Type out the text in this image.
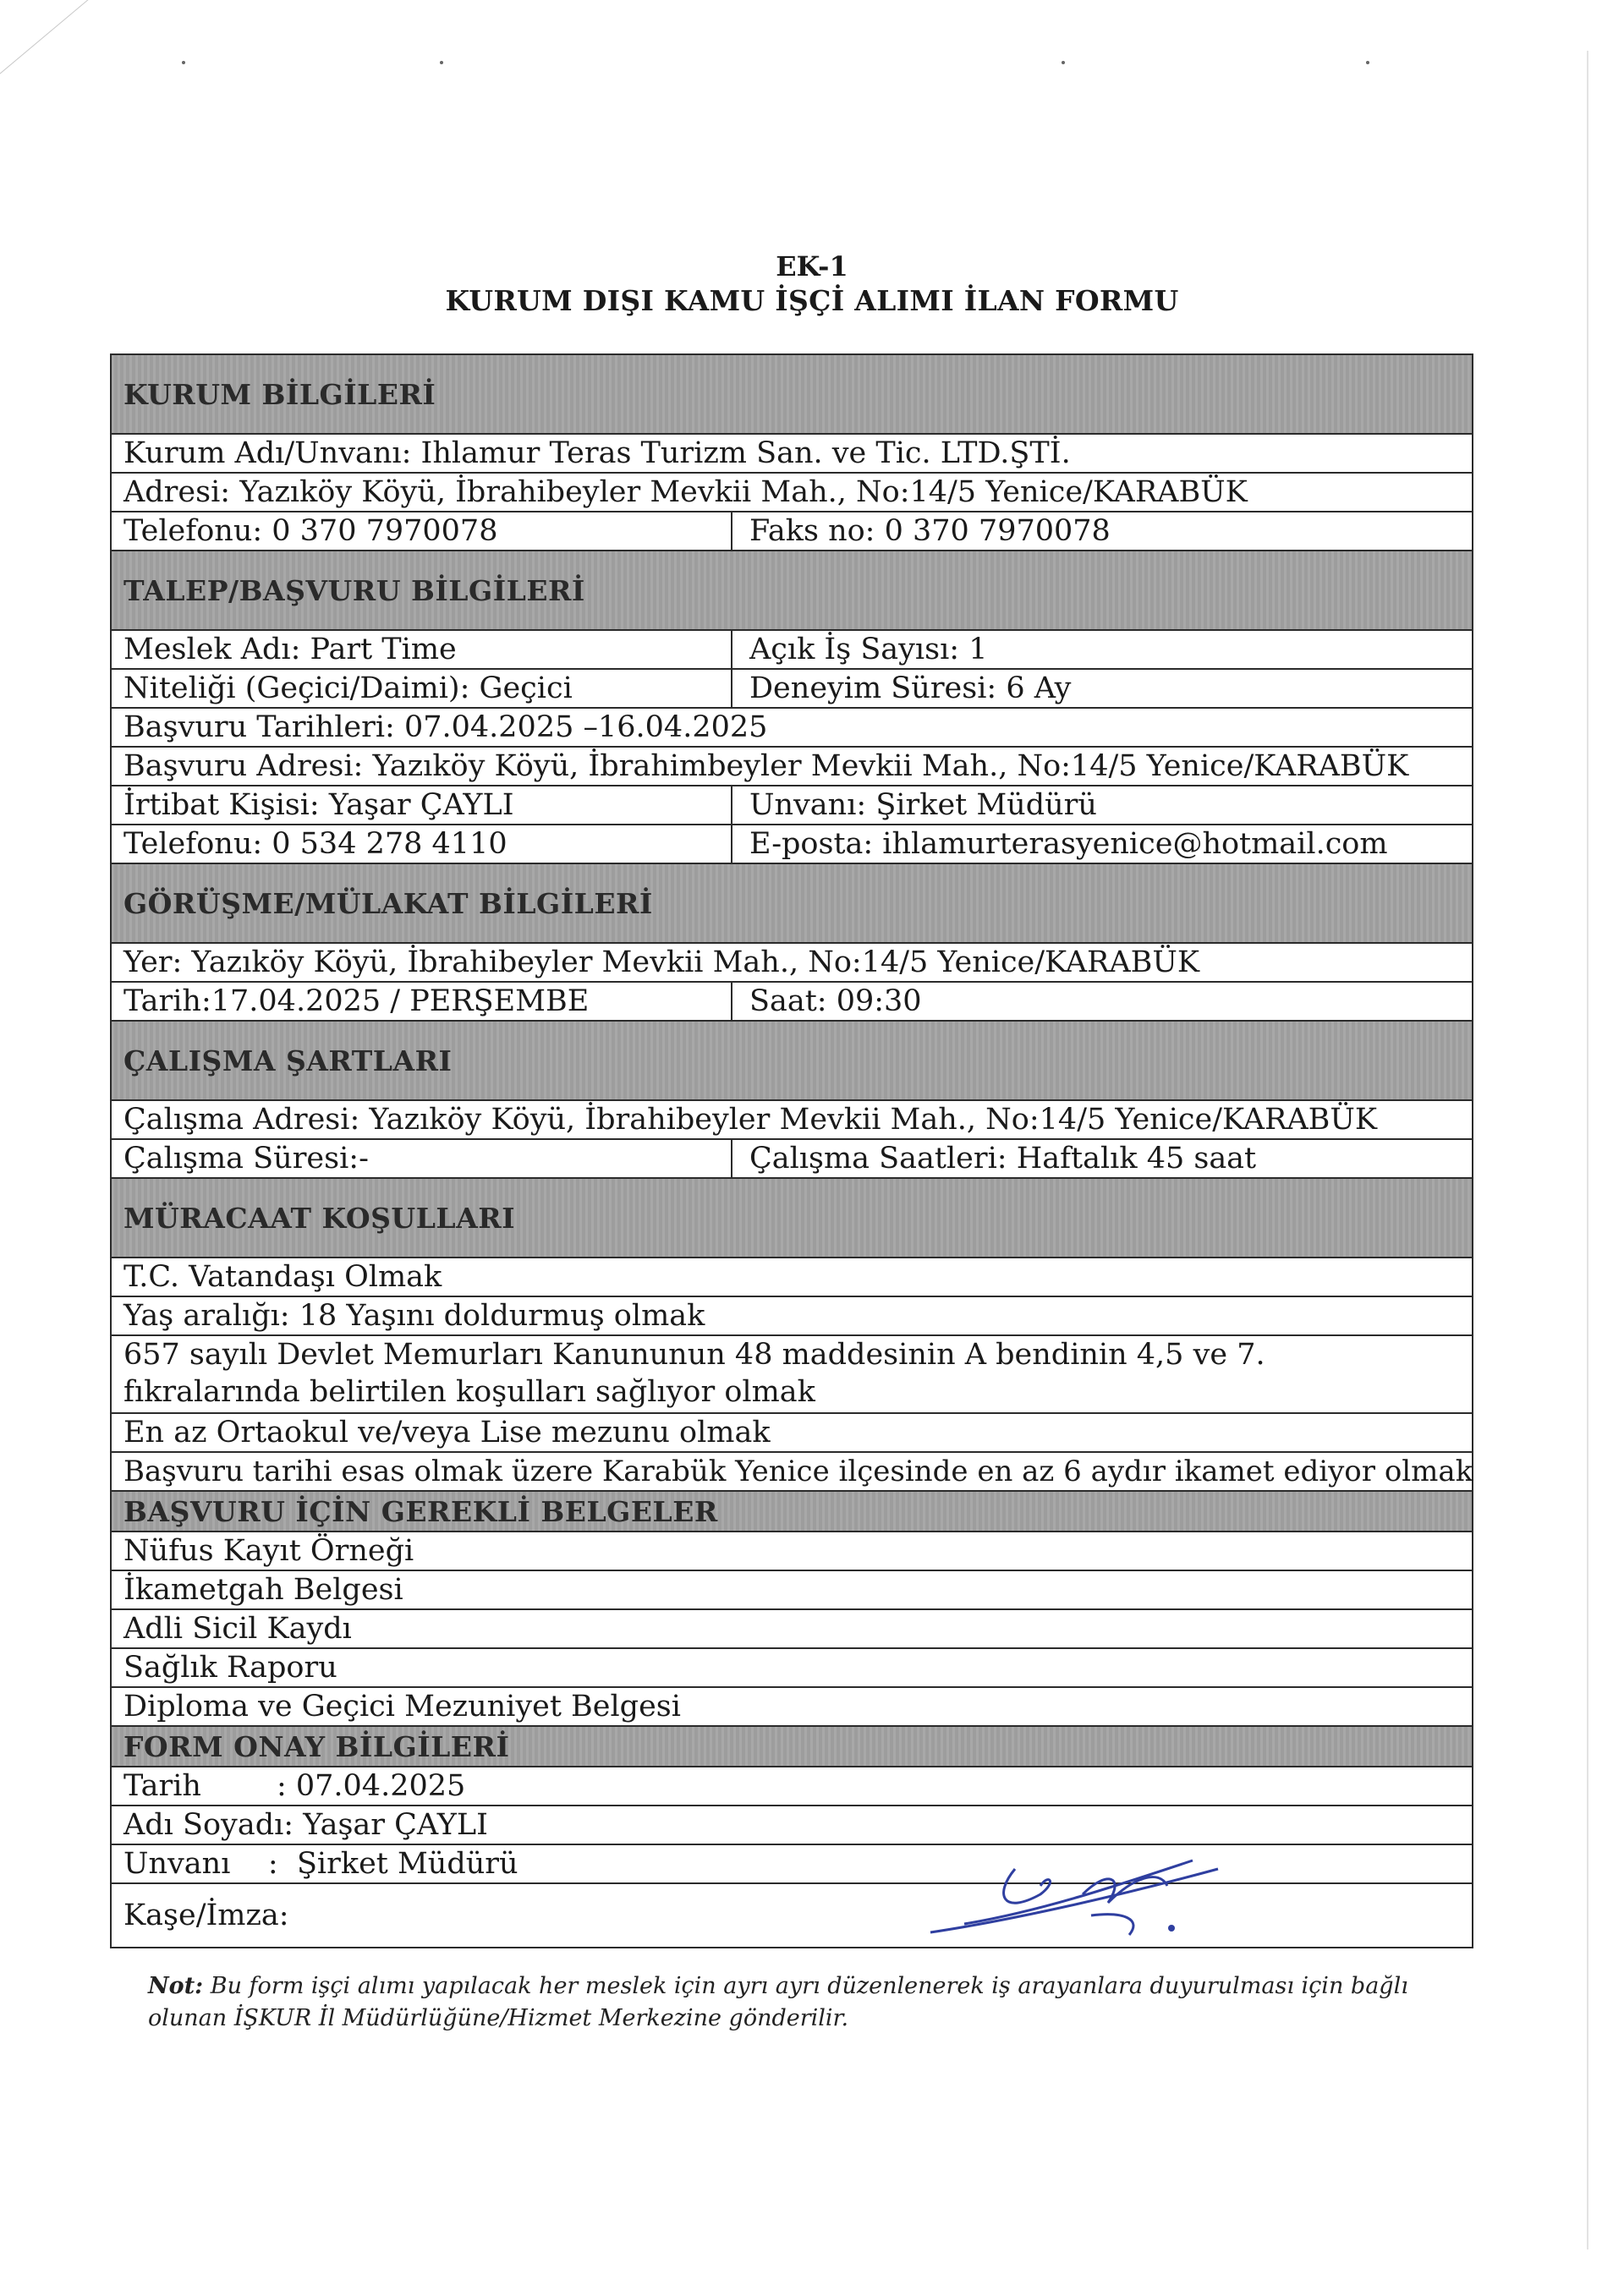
EK-1
KURUM DIŞI KAMU İŞÇİ ALIMI İLAN FORMU
KURUM BİLGİLERİ
Kurum Adı/Unvanı: Ihlamur Teras Turizm San. ve Tic. LTD.ŞTİ.
Adresi: Yazıköy Köyü, İbrahibeyler Mevkii Mah., No:14/5 Yenice/KARABÜK
Telefonu: 0 370 7970078	Faks no: 0 370 7970078
TALEP/BAŞVURU BİLGİLERİ
Meslek Adı: Part Time	Açık İş Sayısı: 1
Niteliği (Geçici/Daimi): Geçici	Deneyim Süresi: 6 Ay
Başvuru Tarihleri: 07.04.2025 –16.04.2025
Başvuru Adresi: Yazıköy Köyü, İbrahimbeyler Mevkii Mah., No:14/5 Yenice/KARABÜK
İrtibat Kişisi: Yaşar ÇAYLI	Unvanı: Şirket Müdürü
Telefonu: 0 534 278 4110	E-posta: ihlamurterasyenice@hotmail.com
GÖRÜŞME/MÜLAKAT BİLGİLERİ
Yer: Yazıköy Köyü, İbrahibeyler Mevkii Mah., No:14/5 Yenice/KARABÜK
Tarih:17.04.2025 / PERŞEMBE	Saat: 09:30
ÇALIŞMA ŞARTLARI
Çalışma Adresi: Yazıköy Köyü, İbrahibeyler Mevkii Mah., No:14/5 Yenice/KARABÜK
Çalışma Süresi:-	Çalışma Saatleri: Haftalık 45 saat
MÜRACAAT KOŞULLARI
T.C. Vatandaşı Olmak
Yaş aralığı: 18 Yaşını doldurmuş olmak
657 sayılı Devlet Memurları Kanununun 48 maddesinin A bendinin 4,5 ve 7. fıkralarında belirtilen koşulları sağlıyor olmak
En az Ortaokul ve/veya Lise mezunu olmak
Başvuru tarihi esas olmak üzere Karabük Yenice ilçesinde en az 6 aydır ikamet ediyor olmak
BAŞVURU İÇİN GEREKLİ BELGELER
Nüfus Kayıt Örneği
İkametgah Belgesi
Adli Sicil Kaydı
Sağlık Raporu
Diploma ve Geçici Mezuniyet Belgesi
FORM ONAY BİLGİLERİ
Tarih        : 07.04.2025
Adı Soyadı: Yaşar ÇAYLI
Unvanı    :  Şirket Müdürü
Kaşe/İmza:
Not: Bu form işçi alımı yapılacak her meslek için ayrı ayrı düzenlenerek iş arayanlara duyurulması için bağlı olunan İŞKUR İl Müdürlüğüne/Hizmet Merkezine gönderilir.
